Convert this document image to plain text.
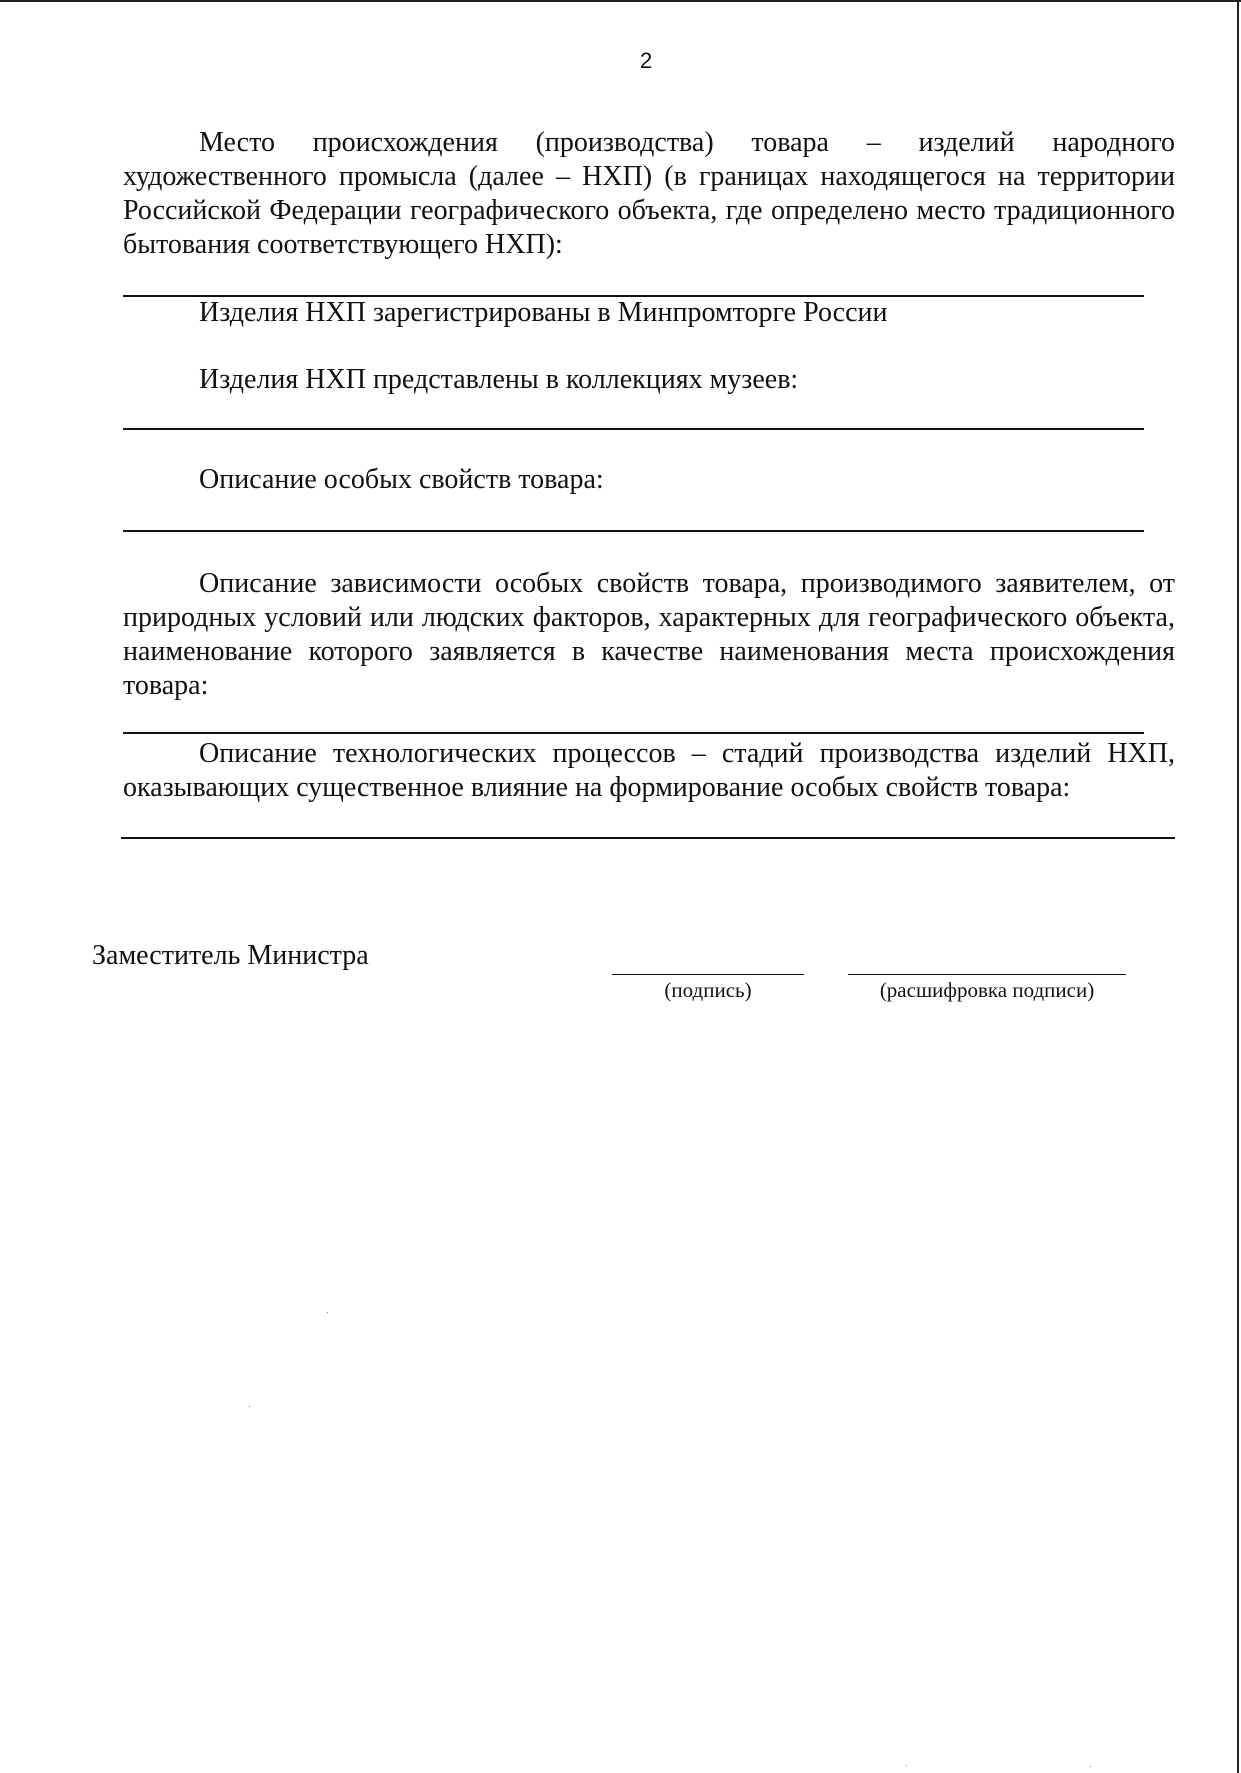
2
Место происхождения (производства) товара – изделий народного художественного промысла (далее – НХП) (в границах находящегося на территории Российской Федерации географического объекта, где определено место традиционного бытования соответствующего НХП):
Изделия НХП зарегистрированы в Минпромторге России
Изделия НХП представлены в коллекциях музеев:
Описание особых свойств товара:
Описание зависимости особых свойств товара, производимого заявителем, от природных условий или людских факторов, характерных для географического объекта, наименование которого заявляется в качестве наименования места происхождения товара:
Описание технологических процессов – стадий производства изделий НХП, оказывающих существенное влияние на формирование особых свойств товара:
Заместитель Министра
(подпись)	(расшифровка подписи)
